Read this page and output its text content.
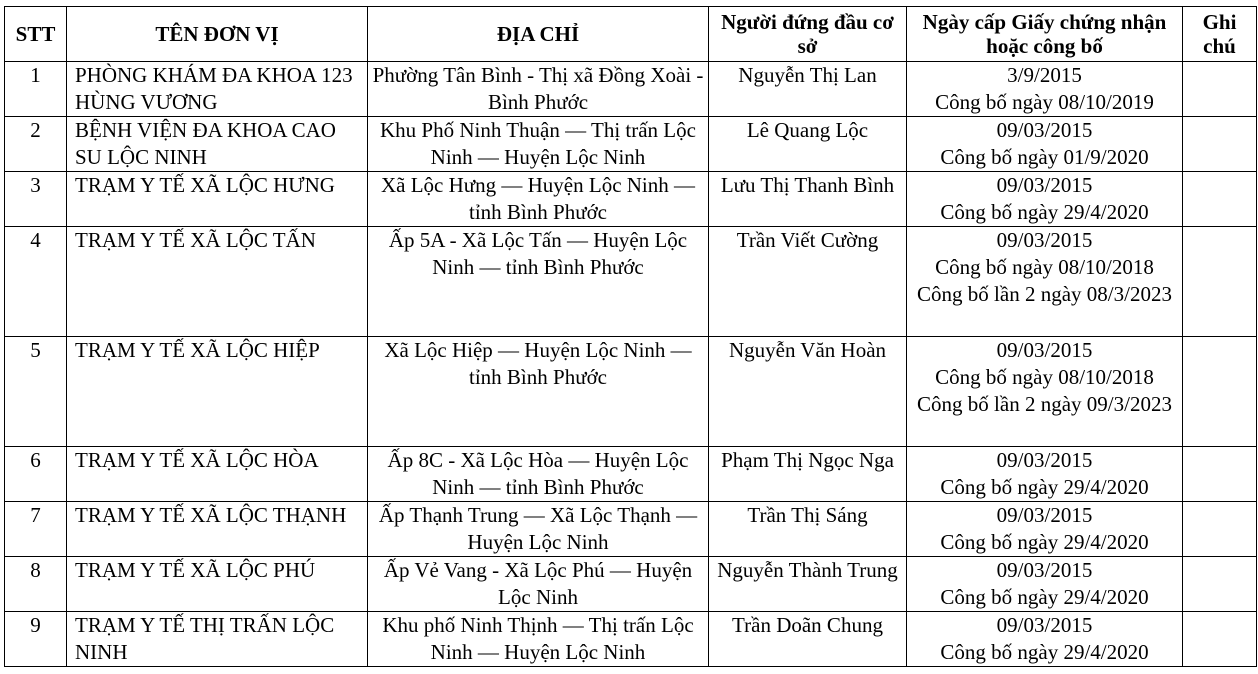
STT	TÊN ĐƠN VỊ	ĐỊA CHỈ	Người đứng đầu cơ sở	Ngày cấp Giấy chứng nhận hoặc công bố	Ghi chú
1	PHÒNG KHÁM ĐA KHOA 123 HÙNG VƯƠNG	Phường Tân Bình - Thị xã Đồng Xoài - Bình Phước	Nguyễn Thị Lan	3/9/2015
Công bố ngày 08/10/2019	

2	BỆNH VIỆN ĐA KHOA CAO SU LỘC NINH	Khu Phố Ninh Thuận — Thị trấn Lộc Ninh — Huyện Lộc Ninh	Lê Quang Lộc	09/03/2015
Công bố ngày 01/9/2020	

3	TRẠM Y TẾ XÃ LỘC HƯNG	Xã Lộc Hưng — Huyện Lộc Ninh — tỉnh Bình Phước	Lưu Thị Thanh Bình	09/03/2015
Công bố ngày 29/4/2020	

4	TRẠM Y TẾ XÃ LỘC TẤN	Ấp 5A - Xã Lộc Tấn — Huyện Lộc Ninh — tỉnh Bình Phước	Trần Viết Cường	09/03/2015
Công bố ngày 08/10/2018
Công bố lần 2 ngày 08/3/2023	

5	TRẠM Y TẾ XÃ LỘC HIỆP	Xã Lộc Hiệp — Huyện Lộc Ninh — tỉnh Bình Phước	Nguyễn Văn Hoàn	09/03/2015
Công bố ngày 08/10/2018
Công bố lần 2 ngày 09/3/2023	

6	TRẠM Y TẾ XÃ LỘC HÒA	Ấp 8C - Xã Lộc Hòa — Huyện Lộc Ninh — tỉnh Bình Phước	Phạm Thị Ngọc Nga	09/03/2015
Công bố ngày 29/4/2020	

7	TRẠM Y TẾ XÃ LỘC THẠNH	Ấp Thạnh Trung — Xã Lộc Thạnh — Huyện Lộc Ninh	Trần Thị Sáng	09/03/2015
Công bố ngày 29/4/2020	

8	TRẠM Y TẾ XÃ LỘC PHÚ	Ấp Vẻ Vang - Xã Lộc Phú — Huyện Lộc Ninh	Nguyễn Thành Trung	09/03/2015
Công bố ngày 29/4/2020	

9	TRẠM Y TẾ THỊ TRẤN LỘC NINH	Khu phố Ninh Thịnh — Thị trấn Lộc Ninh — Huyện Lộc Ninh	Trần Doãn Chung	09/03/2015
Công bố ngày 29/4/2020	
